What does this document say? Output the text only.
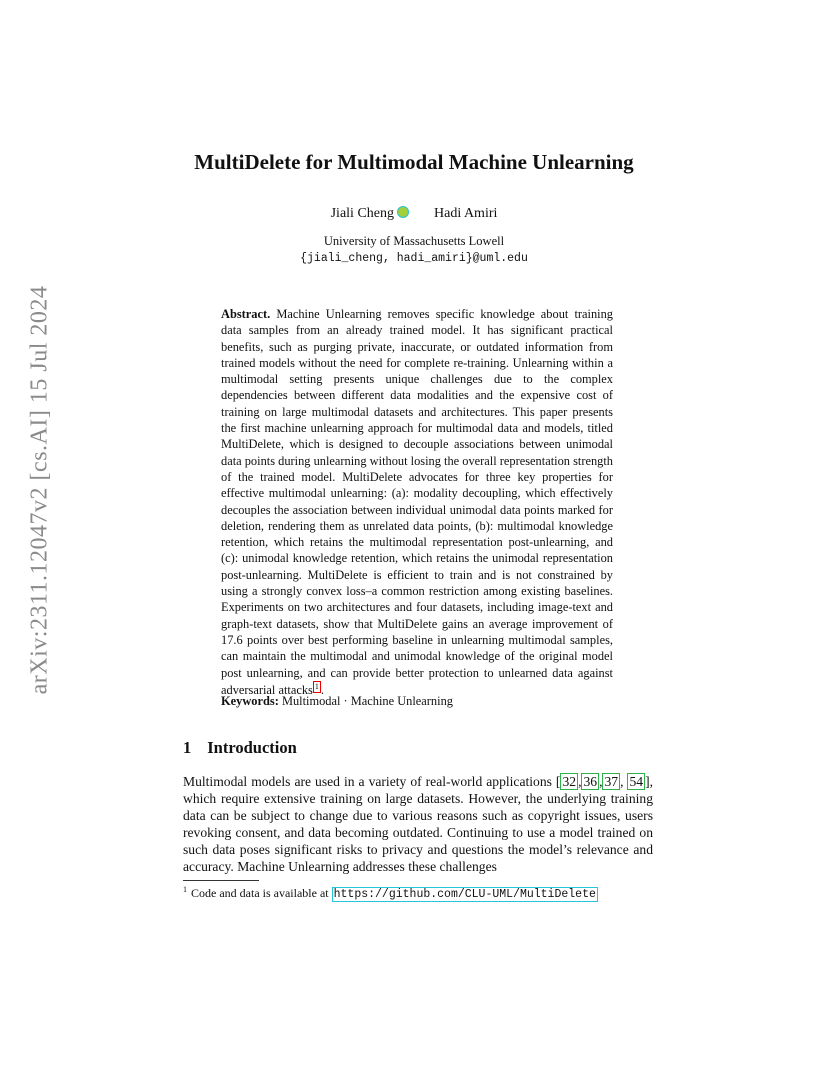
arXiv:2311.12047v2 [cs.AI] 15 Jul 2024
MultiDelete for Multimodal Machine Unlearning
Jiali Cheng	Hadi Amiri
University of Massachusetts Lowell
{jiali_cheng, hadi_amiri}@uml.edu
Abstract. Machine Unlearning removes specific knowledge about training data samples from an already trained model. It has significant practical benefits, such as purging private, inaccurate, or outdated information from trained models without the need for complete re-training. Unlearning within a multimodal setting presents unique challenges due to the complex dependencies between different data modalities and the expensive cost of training on large multimodal datasets and architectures. This paper presents the first machine unlearning approach for multimodal data and models, titled MultiDelete, which is designed to decouple associations between unimodal data points during unlearning without losing the overall representation strength of the trained model. MultiDelete advocates for three key properties for effective multimodal unlearning: (a): modality decoupling, which effectively decouples the association between individual unimodal data points marked for deletion, rendering them as unrelated data points, (b): multimodal knowledge retention, which retains the multimodal representation post-unlearning, and (c): unimodal knowledge retention, which retains the unimodal representation post-unlearning. MultiDelete is efficient to train and is not constrained by using a strongly convex loss–a common restriction among existing baselines. Experiments on two architectures and four datasets, including image-text and graph-text datasets, show that MultiDelete gains an average improvement of 17.6 points over best performing baseline in unlearning multimodal samples, can maintain the multimodal and unimodal knowledge of the original model post unlearning, and can provide better protection to unlearned data against adversarial attacks 1 .
Keywords: Multimodal · Machine Unlearning
1 Introduction
Multimodal models are used in a variety of real-world applications [ 32 , 36 , 37 , 54 ], which require extensive training on large datasets. However, the underlying training data can be subject to change due to various reasons such as copyright issues, users revoking consent, and data becoming outdated. Continuing to use a model trained on such data poses significant risks to privacy and questions the model’s relevance and accuracy. Machine Unlearning addresses these challenges
$^1$ Code and data is available at https://github.com/CLU-UML/MultiDelete
